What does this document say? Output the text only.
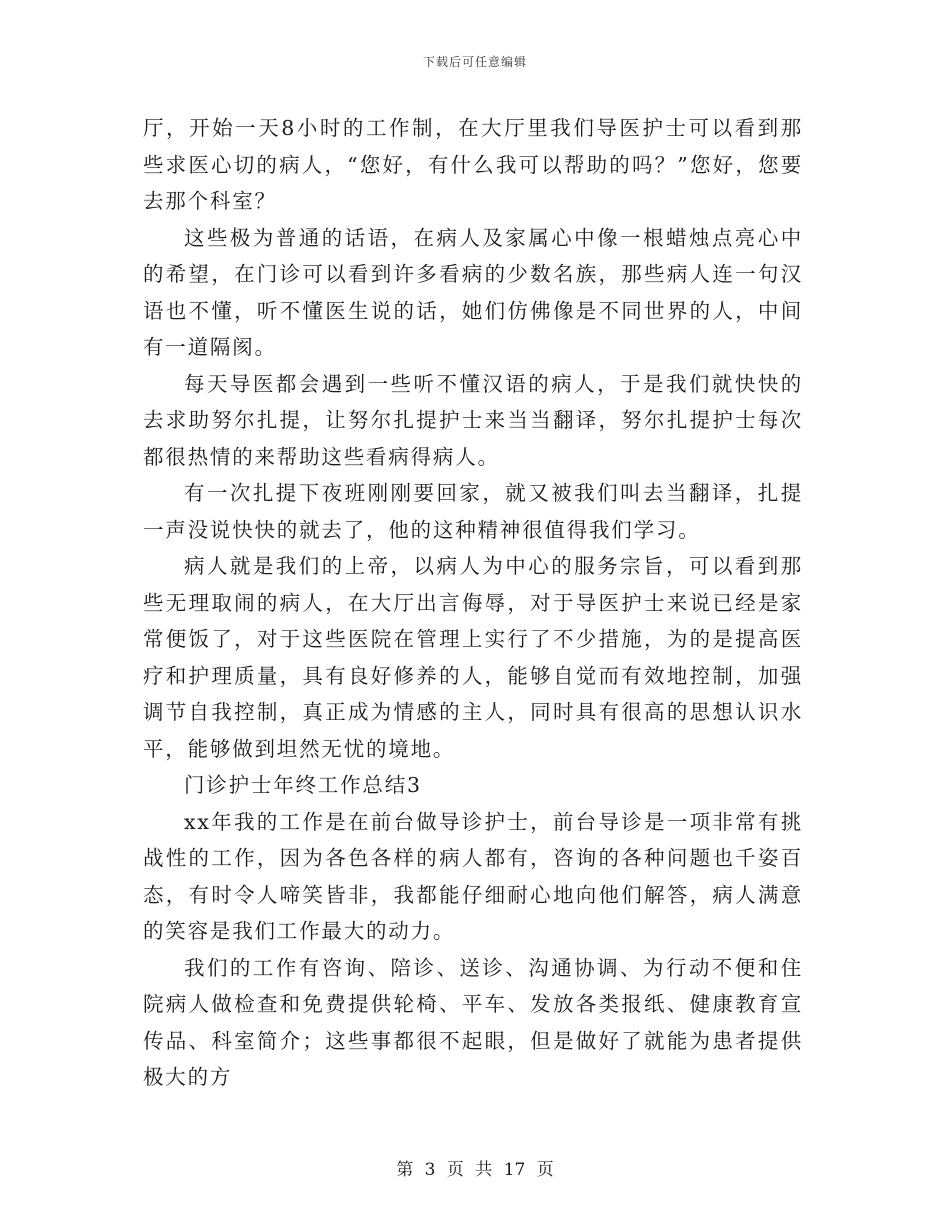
下载后可任意编辑

厅，开始一天8小时的工作制，在大厅里我们导医护士可以看到那些求医心切的病人，“您好，有什么我可以帮助的吗？”您好，您要去那个科室？

这些极为普通的话语，在病人及家属心中像一根蜡烛点亮心中的希望，在门诊可以看到许多看病的少数名族，那些病人连一句汉语也不懂，听不懂医生说的话，她们仿佛像是不同世界的人，中间有一道隔阂。

每天导医都会遇到一些听不懂汉语的病人，于是我们就快快的去求助努尔扎提，让努尔扎提护士来当当翻译，努尔扎提护士每次都很热情的来帮助这些看病得病人。

有一次扎提下夜班刚刚要回家，就又被我们叫去当翻译，扎提一声没说快快的就去了，他的这种精神很值得我们学习。

病人就是我们的上帝，以病人为中心的服务宗旨，可以看到那些无理取闹的病人，在大厅出言侮辱，对于导医护士来说已经是家常便饭了，对于这些医院在管理上实行了不少措施，为的是提高医疗和护理质量，具有良好修养的人，能够自觉而有效地控制，加强调节自我控制，真正成为情感的主人，同时具有很高的思想认识水平，能够做到坦然无忧的境地。

门诊护士年终工作总结3

xx年我的工作是在前台做导诊护士，前台导诊是一项非常有挑战性的工作，因为各色各样的病人都有，咨询的各种问题也千姿百态，有时令人啼笑皆非，我都能仔细耐心地向他们解答，病人满意的笑容是我们工作最大的动力。

我们的工作有咨询、陪诊、送诊、沟通协调、为行动不便和住院病人做检查和免费提供轮椅、平车、发放各类报纸、健康教育宣传品、科室简介；这些事都很不起眼，但是做好了就能为患者提供极大的方

第 3 页 共 17 页
